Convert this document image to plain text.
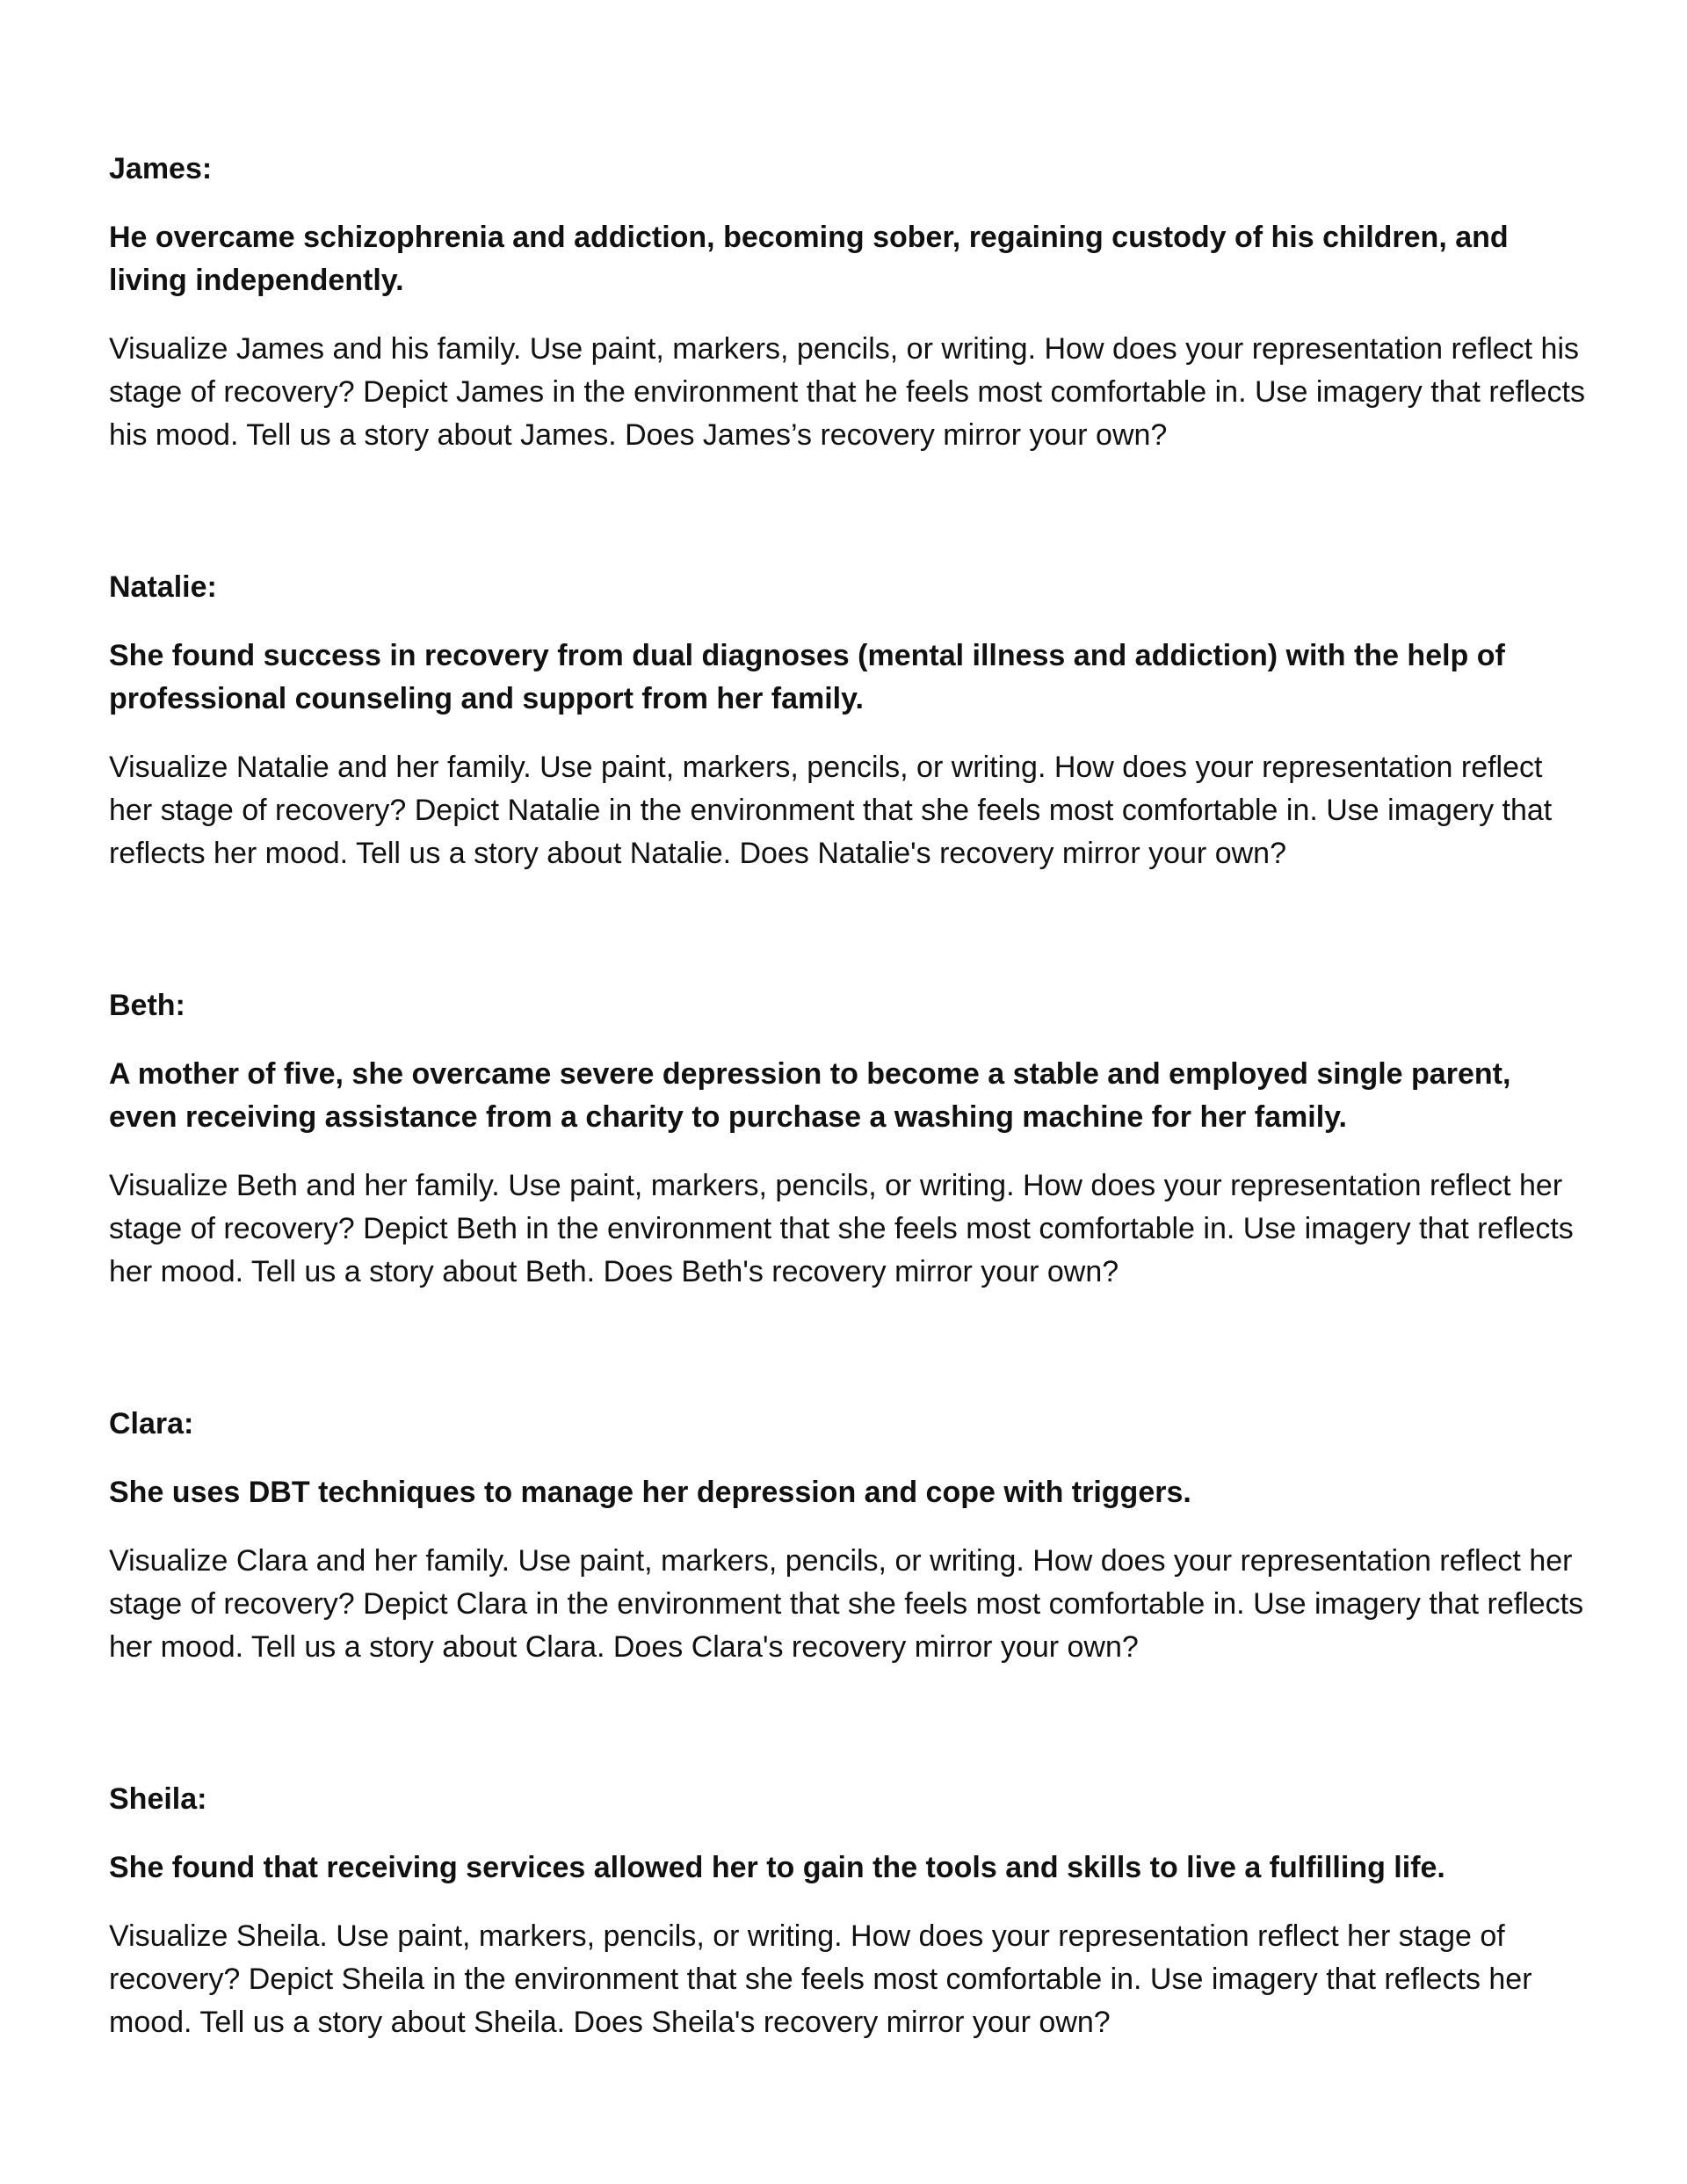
James:

He overcame schizophrenia and addiction, becoming sober, regaining custody of his children, and living independently.

Visualize James and his family. Use paint, markers, pencils, or writing. How does your representation reflect his stage of recovery? Depict James in the environment that he feels most comfortable in. Use imagery that reflects his mood. Tell us a story about James. Does James’s recovery mirror your own?

Natalie:

She found success in recovery from dual diagnoses (mental illness and addiction) with the help of professional counseling and support from her family.

Visualize Natalie and her family. Use paint, markers, pencils, or writing. How does your representation reflect her stage of recovery? Depict Natalie in the environment that she feels most comfortable in. Use imagery that reflects her mood. Tell us a story about Natalie. Does Natalie's recovery mirror your own?

Beth:

A mother of five, she overcame severe depression to become a stable and employed single parent, even receiving assistance from a charity to purchase a washing machine for her family.

Visualize Beth and her family. Use paint, markers, pencils, or writing. How does your representation reflect her stage of recovery? Depict Beth in the environment that she feels most comfortable in. Use imagery that reflects her mood. Tell us a story about Beth. Does Beth's recovery mirror your own?

Clara:

She uses DBT techniques to manage her depression and cope with triggers.

Visualize Clara and her family. Use paint, markers, pencils, or writing. How does your representation reflect her stage of recovery? Depict Clara in the environment that she feels most comfortable in. Use imagery that reflects her mood. Tell us a story about Clara. Does Clara's recovery mirror your own?

Sheila:

She found that receiving services allowed her to gain the tools and skills to live a fulfilling life.

Visualize Sheila. Use paint, markers, pencils, or writing. How does your representation reflect her stage of recovery? Depict Sheila in the environment that she feels most comfortable in. Use imagery that reflects her mood. Tell us a story about Sheila. Does Sheila's recovery mirror your own?
